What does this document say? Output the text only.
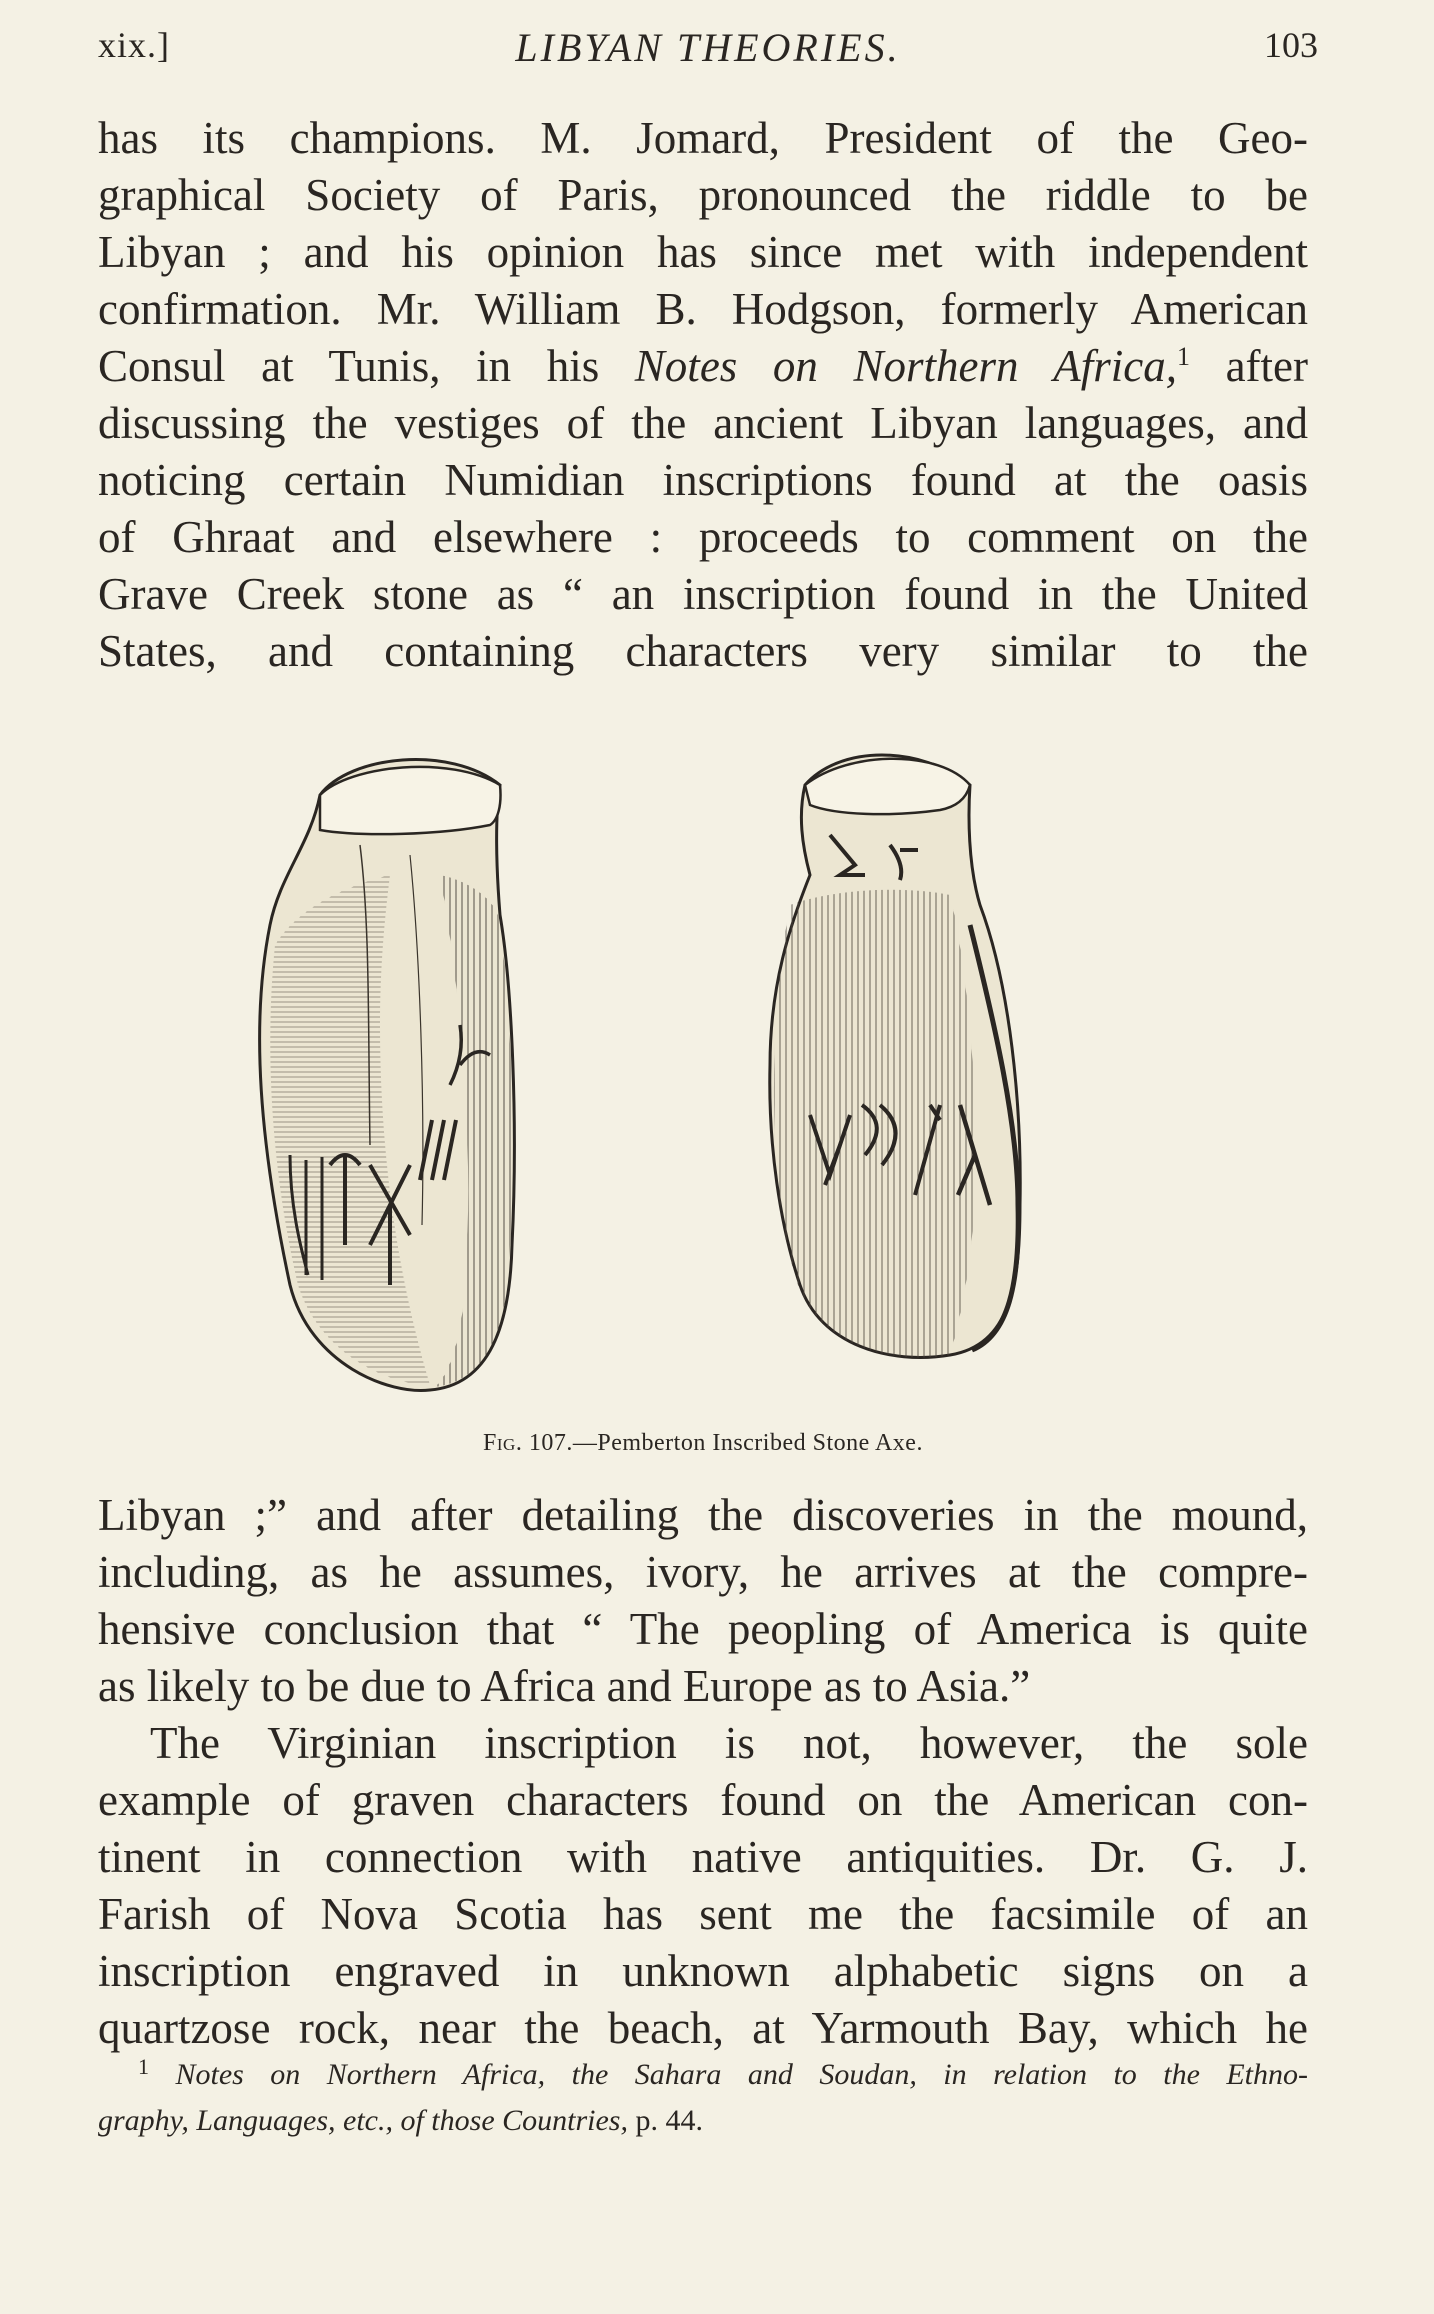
xix.]	LIBYAN THEORIES.	103
has its champions. M. Jomard, President of the Geo-
graphical Society of Paris, pronounced the riddle to be
Libyan ; and his opinion has since met with independent
confirmation. Mr. William B. Hodgson, formerly American
Consul at Tunis, in his Notes on Northern Africa,$^1$ after
discussing the vestiges of the ancient Libyan languages, and
noticing certain Numidian inscriptions found at the oasis
of Ghraat and elsewhere : proceeds to comment on the
Grave Creek stone as “ an inscription found in the United
States, and containing characters very similar to the
Fig. 107.—Pemberton Inscribed Stone Axe.
Libyan ;” and after detailing the discoveries in the mound,
including, as he assumes, ivory, he arrives at the compre-
hensive conclusion that “ The peopling of America is quite
as likely to be due to Africa and Europe as to Asia.”
The Virginian inscription is not, however, the sole
example of graven characters found on the American con-
tinent in connection with native antiquities. Dr. G. J.
Farish of Nova Scotia has sent me the facsimile of an
inscription engraved in unknown alphabetic signs on a
quartzose rock, near the beach, at Yarmouth Bay, which he
$^1$ Notes on Northern Africa, the Sahara and Soudan, in relation to the Ethno-
graphy, Languages, etc., of those Countries, p. 44.
